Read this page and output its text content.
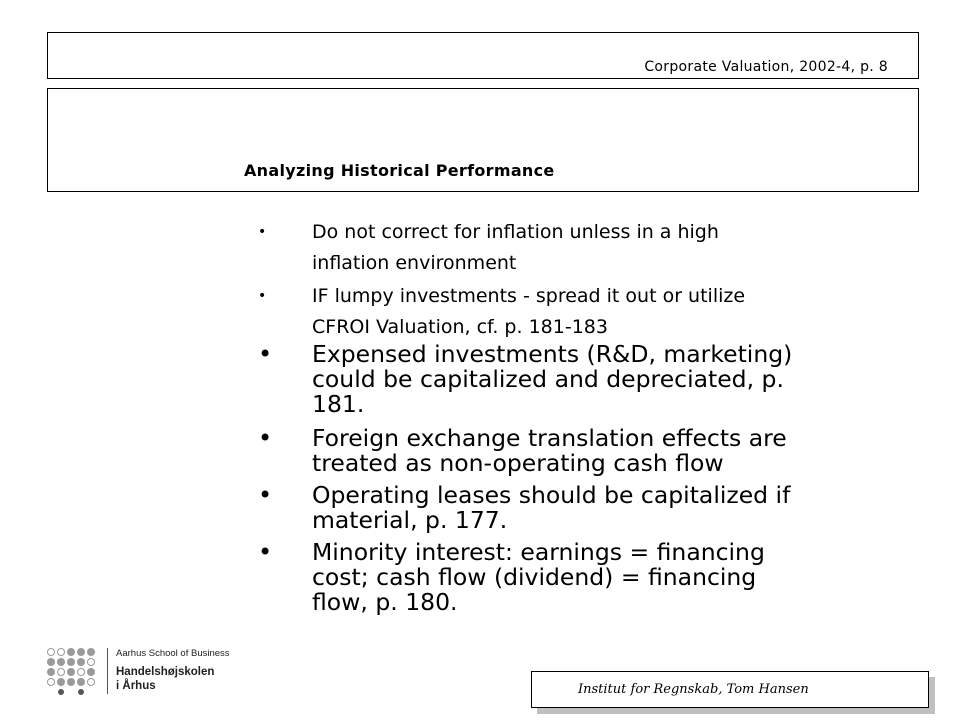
Corporate Valuation, 2002-4, p. 8
Analyzing Historical Performance
•	Do not correct for inflation unless in a high
inflation environment
•	IF lumpy investments - spread it out or utilize
CFROI Valuation, cf. p. 181-183
•	Expensed investments (R&D, marketing)
could be capitalized and depreciated, p.
181.
•	Foreign exchange translation effects are
treated as non-operating cash flow
•	Operating leases should be capitalized if
material, p. 177.
•	Minority interest: earnings = financing
cost; cash flow (dividend) = financing
flow, p. 180.
Aarhus School of Business
Handelshøjskolen
i Århus	Institut for Regnskab, Tom Hansen
